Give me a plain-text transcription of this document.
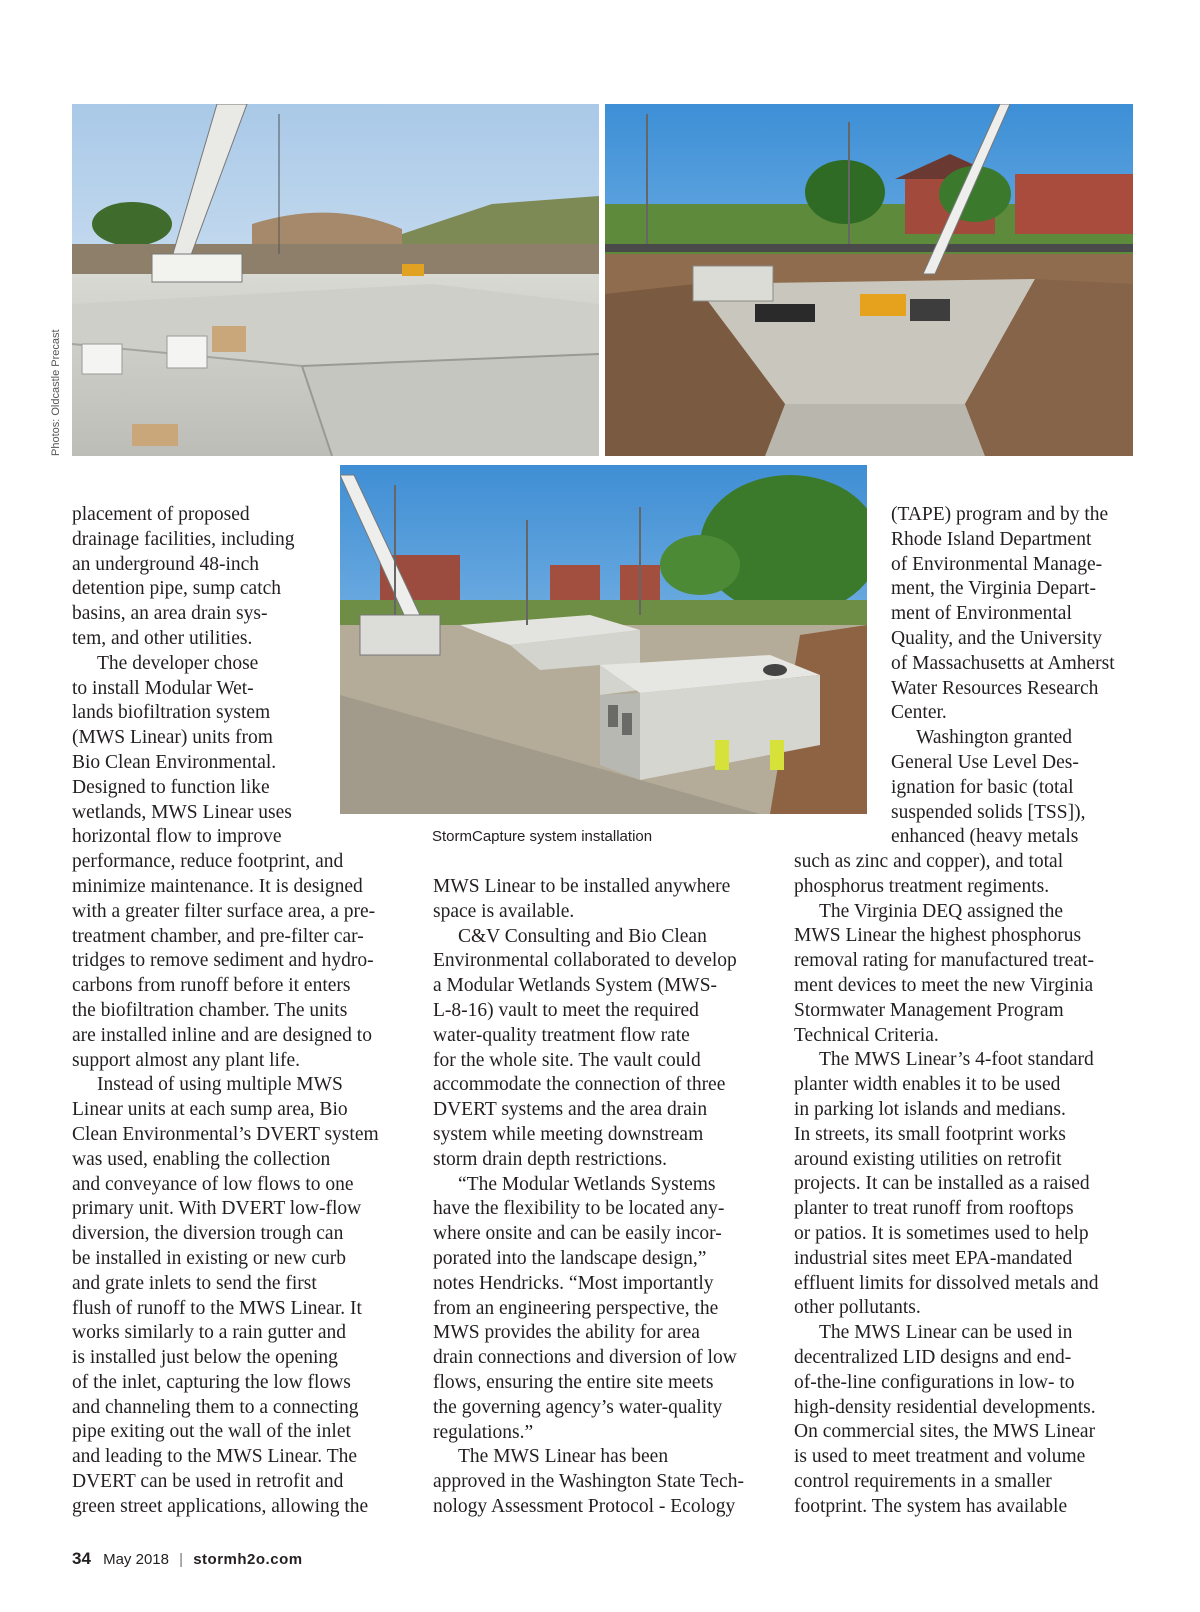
Photos: Oldcastle Precast
StormCapture system installation
placement of proposed
drainage facilities, including
an underground 48-inch
detention pipe, sump catch
basins, an area drain sys-
tem, and other utilities.
The developer chose
to install Modular Wet-
lands biofiltration system
(MWS Linear) units from
Bio Clean Environmental.
Designed to function like
wetlands, MWS Linear uses
horizontal flow to improve
performance, reduce footprint, and
minimize maintenance. It is designed
with a greater filter surface area, a pre-
treatment chamber, and pre-filter car-
tridges to remove sediment and hydro-
carbons from runoff before it enters
the biofiltration chamber. The units
are installed inline and are designed to
support almost any plant life.
Instead of using multiple MWS
Linear units at each sump area, Bio
Clean Environmental’s DVERT system
was used, enabling the collection
and conveyance of low flows to one
primary unit. With DVERT low-flow
diversion, the diversion trough can
be installed in existing or new curb
and grate inlets to send the first
flush of runoff to the MWS Linear. It
works similarly to a rain gutter and
is installed just below the opening
of the inlet, capturing the low flows
and channeling them to a connecting
pipe exiting out the wall of the inlet
and leading to the MWS Linear. The
DVERT can be used in retrofit and
green street applications, allowing the
MWS Linear to be installed anywhere
space is available.
C&V Consulting and Bio Clean
Environmental collaborated to develop
a Modular Wetlands System (MWS-
L-8-16) vault to meet the required
water-quality treatment flow rate
for the whole site. The vault could
accommodate the connection of three
DVERT systems and the area drain
system while meeting downstream
storm drain depth restrictions.
“The Modular Wetlands Systems
have the flexibility to be located any-
where onsite and can be easily incor-
porated into the landscape design,”
notes Hendricks. “Most importantly
from an engineering perspective, the
MWS provides the ability for area
drain connections and diversion of low
flows, ensuring the entire site meets
the governing agency’s water-quality
regulations.”
The MWS Linear has been
approved in the Washington State Tech-
nology Assessment Protocol - Ecology
(TAPE) program and by the
Rhode Island Department
of Environmental Manage-
ment, the Virginia Depart-
ment of Environmental
Quality, and the University
of Massachusetts at Amherst
Water Resources Research
Center.
Washington granted
General Use Level Des-
ignation for basic (total
suspended solids [TSS]),
enhanced (heavy metals
such as zinc and copper), and total
phosphorus treatment regiments.
The Virginia DEQ assigned the
MWS Linear the highest phosphorus
removal rating for manufactured treat-
ment devices to meet the new Virginia
Stormwater Management Program
Technical Criteria.
The MWS Linear’s 4-foot standard
planter width enables it to be used
in parking lot islands and medians.
In streets, its small footprint works
around existing utilities on retrofit
projects. It can be installed as a raised
planter to treat runoff from rooftops
or patios. It is sometimes used to help
industrial sites meet EPA-mandated
effluent limits for dissolved metals and
other pollutants.
The MWS Linear can be used in
decentralized LID designs and end-
of-the-line configurations in low- to
high-density residential developments.
On commercial sites, the MWS Linear
is used to meet treatment and volume
control requirements in a smaller
footprint. The system has available
34 May 2018 | stormh2o.com
